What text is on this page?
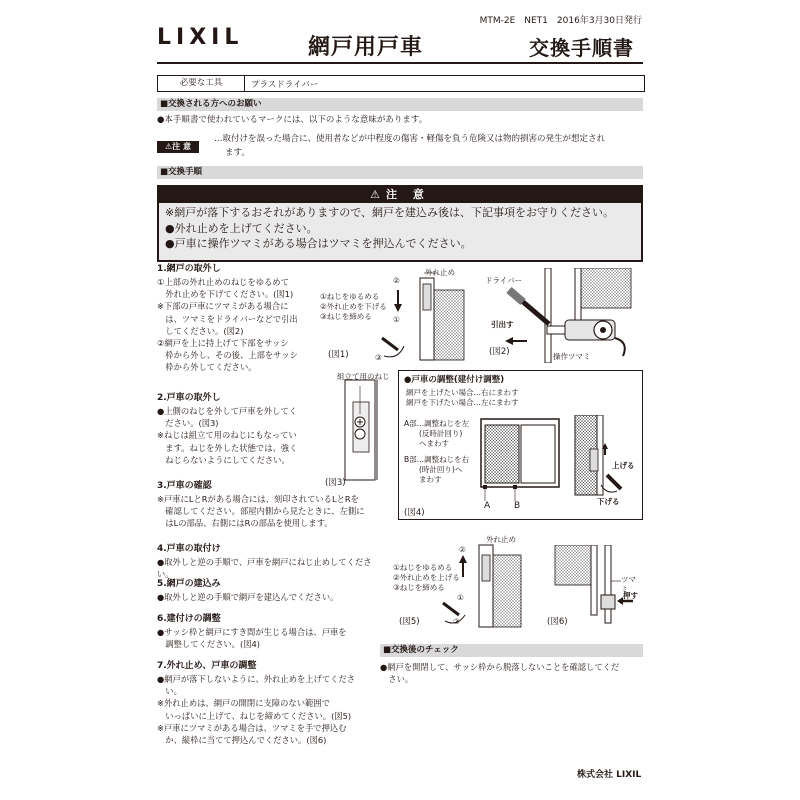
LIXIL
MTM-2E　NET1　2016年3月30日発行
網戸用戸車	交換手順書
必要な工具	プラスドライバー
■交換される方へのお願い
●本手順書で使われているマークには、以下のような意味があります。
⚠注 意
…取付けを誤った場合に、使用者などが中程度の傷害・軽傷を負う危険又は物的損害の発生が想定され
ます。
■交換手順
⚠注 意
※網戸が落下するおそれがありますので、網戸を建込み後は、下記事項をお守りください。
●外れ止めを上げてください。
●戸車に操作ツマミがある場合はツマミを押込んでください。
1.網戸の取外し
①上部の外れ止めのねじをゆるめて
　外れ止めを下げてください。(図1)
※下部の戸車にツマミがある場合に
　は、ツマミをドライバーなどで引出
　してください。(図2)
②網戸を上に持上げて下部をサッシ
　枠から外し、その後、上部をサッシ
　枠から外してください。
2.戸車の取外し
●上側のねじを外して戸車を外してく
　ださい。(図3)
※ねじは組立て用のねじにもなってい
　ます。ねじを外した状態では、強く
　ねじらないようにしてください。
3.戸車の確認
※戸車にLとRがある場合には、刻印されているLとRを
　確認してください。部屋内側から見たときに、左側に
　はLの部品、右側にはRの部品を使用します。
4.戸車の取付け
●取外しと逆の手順で、戸車を網戸にねじ止めしてください。
5.網戸の建込み
●取外しと逆の手順で網戸を建込んでください。
6.建付けの調整
●サッシ枠と網戸にすき間が生じる場合は、戸車を
　調整してください。(図4)
7.外れ止め、戸車の調整
●網戸が落下しないように、外れ止めを上げてくださ
　い。
※外れ止めは、網戸の開閉に支障のない範囲で
　いっぱいに上げて、ねじを締めてください。(図5)
※戸車にツマミがある場合は、ツマミを手で押込む
　か、縦枠に当てて押込んでください。(図6)
外れ止め
②
①
③
①ねじをゆるめる
②外れ止めを下げる
③ねじを締める
(図1)
ドライバー
引出す
操作ツマミ
(図2)
組立て用のねじ
(図3)
●戸車の調整(建付け調整)
網戸を上げたい場合…右にまわす
網戸を下げたい場合…左にまわす
A部…調整ねじを左
　　(反時計回り)
　　へまわす
B部…調整ねじを右
　　(時計回り)へ
　　まわす
A	B
上げる
下げる
(図4)
外れ止め
②
①
③
①ねじをゆるめる
②外れ止めを上げる
③ねじを締める
(図5)
ツマミ
押す
(図6)
■交換後のチェック
●網戸を開閉して、サッシ枠から脱落しないことを確認してくだ
　さい。
株式会社 LIXIL
